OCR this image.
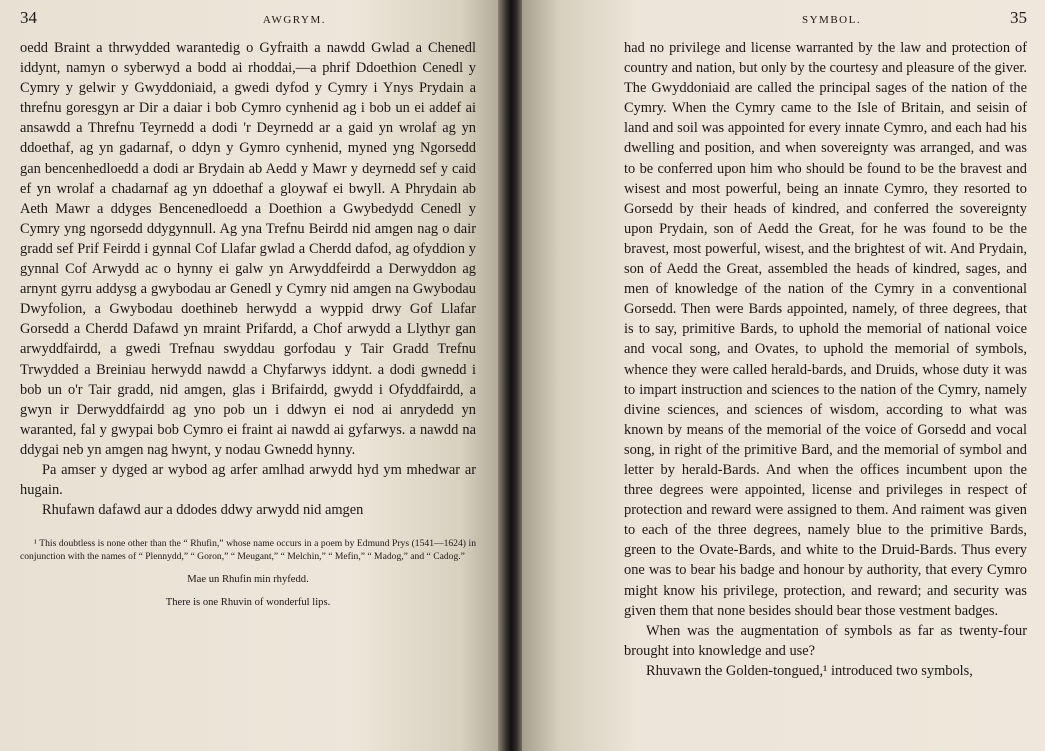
34	AWGRYM.

oedd Braint a thrwydded warantedig o Gyfraith a nawdd Gwlad a Chenedl iddynt, namyn o syberwyd a bodd ai rhoddai,—a phrif Ddoethion Cenedl y Cymry y gelwir y Gwyddoniaid, a gwedi dyfod y Cymry i Ynys Prydain a threfnu goresgyn ar Dir a daiar i bob Cymro cynhenid ag i bob un ei addef ai ansawdd a Threfnu Teyrnedd a dodi 'r Deyrnedd ar a gaid yn wrolaf ag yn ddoethaf, ag yn gadarnaf, o ddyn y Gymro cynhenid, myned yng Ngorsedd gan bencenhedloedd a dodi ar Brydain ab Aedd y Mawr y deyrnedd sef y caid ef yn wrolaf a chadarnaf ag yn ddoethaf a gloywaf ei bwyll. A Phrydain ab Aeth Mawr a ddyges Bencenedloedd a Doethion a Gwybedydd Cenedl y Cymry yng ngorsedd ddygynnull. Ag yna Trefnu Beirdd nid amgen nag o dair gradd sef Prif Feirdd i gynnal Cof Llafar gwlad a Cherdd dafod, ag ofyddion y gynnal Cof Arwydd ac o hynny ei galw yn Arwyddfeirdd a Derwyddon ag arnynt gyrru addysg a gwybodau ar Genedl y Cymry nid amgen na Gwybodau Dwyfolion, a Gwybodau doethineb herwydd a wyppid drwy Gof Llafar Gorsedd a Cherdd Dafawd yn mraint Prifardd, a Chof arwydd a Llythyr gan arwyddfairdd, a gwedi Trefnau swyddau gorfodau y Tair Gradd Trefnu Trwydded a Breiniau herwydd nawdd a Chyfarwys iddynt. a dodi gwnedd i bob un o'r Tair gradd, nid amgen, glas i Brifairdd, gwydd i Ofyddfairdd, a gwyn ir Derwyddfairdd ag yno pob un i ddwyn ei nod ai anrydedd yn waranted, fal y gwypai bob Cymro ei fraint ai nawdd ai gyfarwys. a nawdd na ddygai neb yn amgen nag hwynt, y nodau Gwnedd hynny.

Pa amser y dyged ar wybod ag arfer amlhad arwydd hyd ym mhedwar ar hugain.

Rhufawn dafawd aur a ddodes ddwy arwydd nid amgen

¹ This doubtless is none other than the “ Rhufin,” whose name occurs in a poem by Edmund Prys (1541—1624) in conjunction with the names of “ Plennydd,” “ Goron,” “ Meugant,” “ Melchin,” “ Mefin,” “ Madog,” and “ Cadog.”

Mae un Rhufin min rhyfedd.
There is one Rhuvin of wonderful lips.
SYMBOL.	35

had no privilege and license warranted by the law and protection of country and nation, but only by the courtesy and pleasure of the giver. The Gwyddoniaid are called the principal sages of the nation of the Cymry. When the Cymry came to the Isle of Britain, and seisin of land and soil was appointed for every innate Cymro, and each had his dwelling and position, and when sovereignty was arranged, and was to be conferred upon him who should be found to be the bravest and wisest and most powerful, being an innate Cymro, they resorted to Gorsedd by their heads of kindred, and conferred the sovereignty upon Prydain, son of Aedd the Great, for he was found to be the bravest, most powerful, wisest, and the brightest of wit. And Prydain, son of Aedd the Great, assembled the heads of kindred, sages, and men of knowledge of the nation of the Cymry in a conventional Gorsedd. Then were Bards appointed, namely, of three degrees, that is to say, primitive Bards, to uphold the memorial of national voice and vocal song, and Ovates, to uphold the memorial of symbols, whence they were called herald-bards, and Druids, whose duty it was to impart instruction and sciences to the nation of the Cymry, namely divine sciences, and sciences of wisdom, according to what was known by means of the memorial of the voice of Gorsedd and vocal song, in right of the primitive Bard, and the memorial of symbol and letter by herald-Bards. And when the offices incumbent upon the three degrees were appointed, license and privileges in respect of protection and reward were assigned to them. And raiment was given to each of the three degrees, namely blue to the primitive Bards, green to the Ovate-Bards, and white to the Druid-Bards. Thus every one was to bear his badge and honour by authority, that every Cymro might know his privilege, protection, and reward; and security was given them that none besides should bear those vestment badges.

When was the augmentation of symbols as far as twenty-four brought into knowledge and use?

Rhuvawn the Golden-tongued,¹ introduced two symbols,
